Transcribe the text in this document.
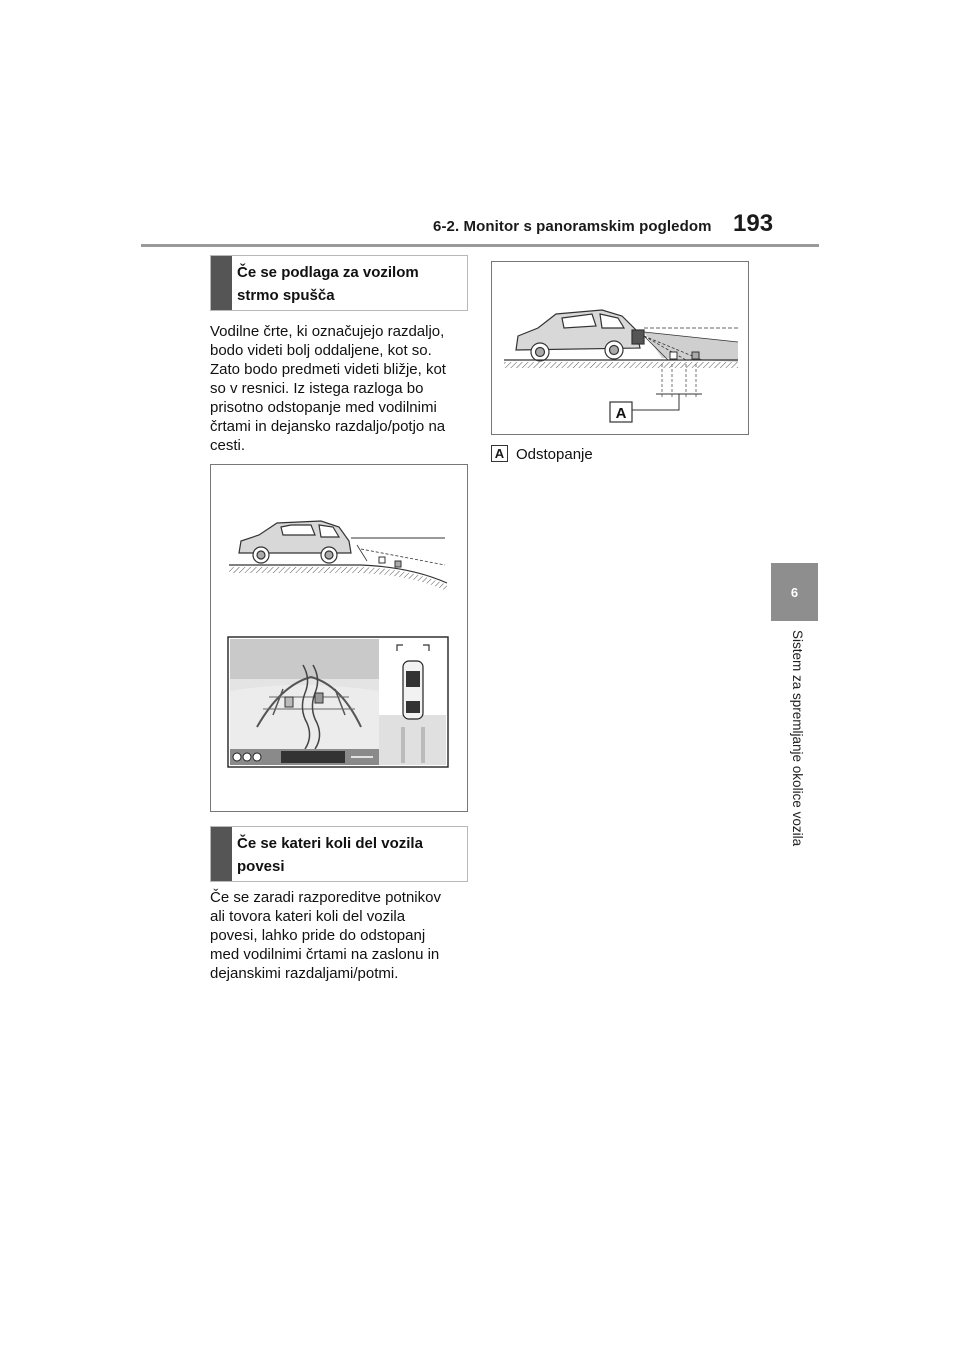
6-2. Monitor s panoramskim pogledom 193
6
Sistem za spremljanje okolice vozila
Če se podlaga za vozilom strmo spušča
Vodilne črte, ki označujejo razdaljo,
bodo videti bolj oddaljene, kot so.
Zato bodo predmeti videti bližje, kot
so v resnici. Iz istega razloga bo
prisotno odstopanje med vodilnimi
črtami in dejansko razdaljo/potjo na
cesti.
Če se kateri koli del vozila povesi
Če se zaradi razporeditve potnikov
ali tovora kateri koli del vozila
povesi, lahko pride do odstopanj
med vodilnimi črtami na zaslonu in
dejanskimi razdaljami/potmi.
A
A Odstopanje
